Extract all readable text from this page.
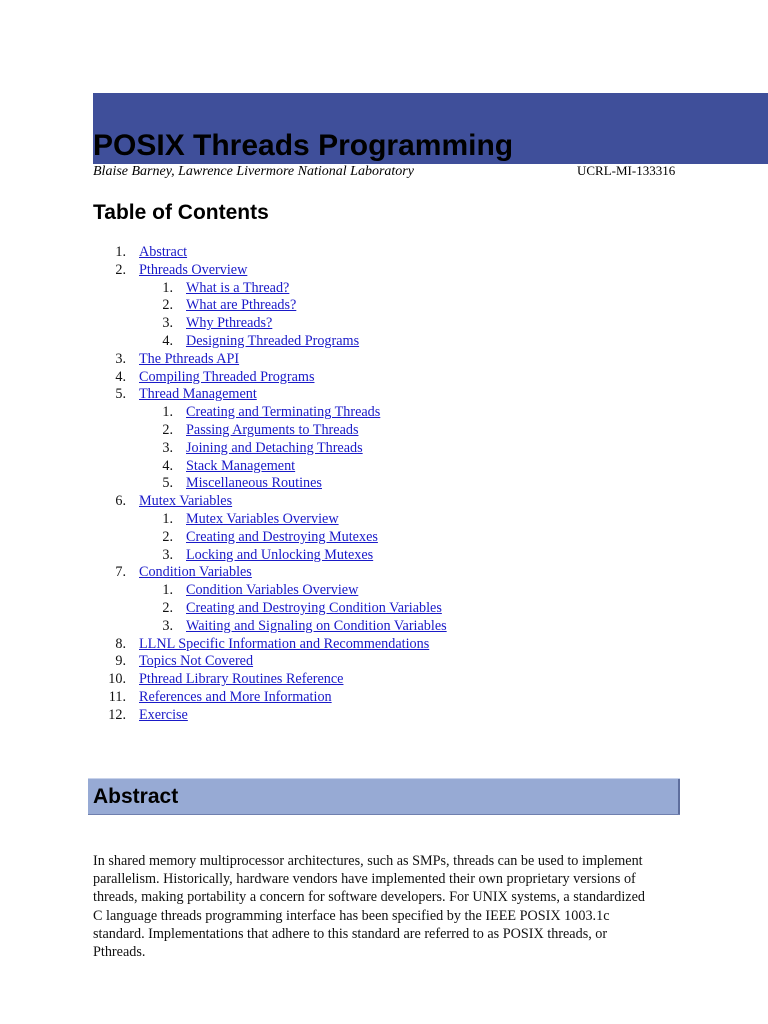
POSIX Threads Programming

Blaise Barney, Lawrence Livermore National Laboratory	UCRL-MI-133316

Table of Contents
1. Abstract
2. Pthreads Overview
1. What is a Thread?
2. What are Pthreads?
3. Why Pthreads?
4. Designing Threaded Programs
3. The Pthreads API
4. Compiling Threaded Programs
5. Thread Management
1. Creating and Terminating Threads
2. Passing Arguments to Threads
3. Joining and Detaching Threads
4. Stack Management
5. Miscellaneous Routines
6. Mutex Variables
1. Mutex Variables Overview
2. Creating and Destroying Mutexes
3. Locking and Unlocking Mutexes
7. Condition Variables
1. Condition Variables Overview
2. Creating and Destroying Condition Variables
3. Waiting and Signaling on Condition Variables
8. LLNL Specific Information and Recommendations
9. Topics Not Covered
10. Pthread Library Routines Reference
11. References and More Information
12. Exercise
Abstract

In shared memory multiprocessor architectures, such as SMPs, threads can be used to implement parallelism. Historically, hardware vendors have implemented their own proprietary versions of threads, making portability a concern for software developers. For UNIX systems, a standardized C language threads programming interface has been specified by the IEEE POSIX 1003.1c standard. Implementations that adhere to this standard are referred to as POSIX threads, or Pthreads.
